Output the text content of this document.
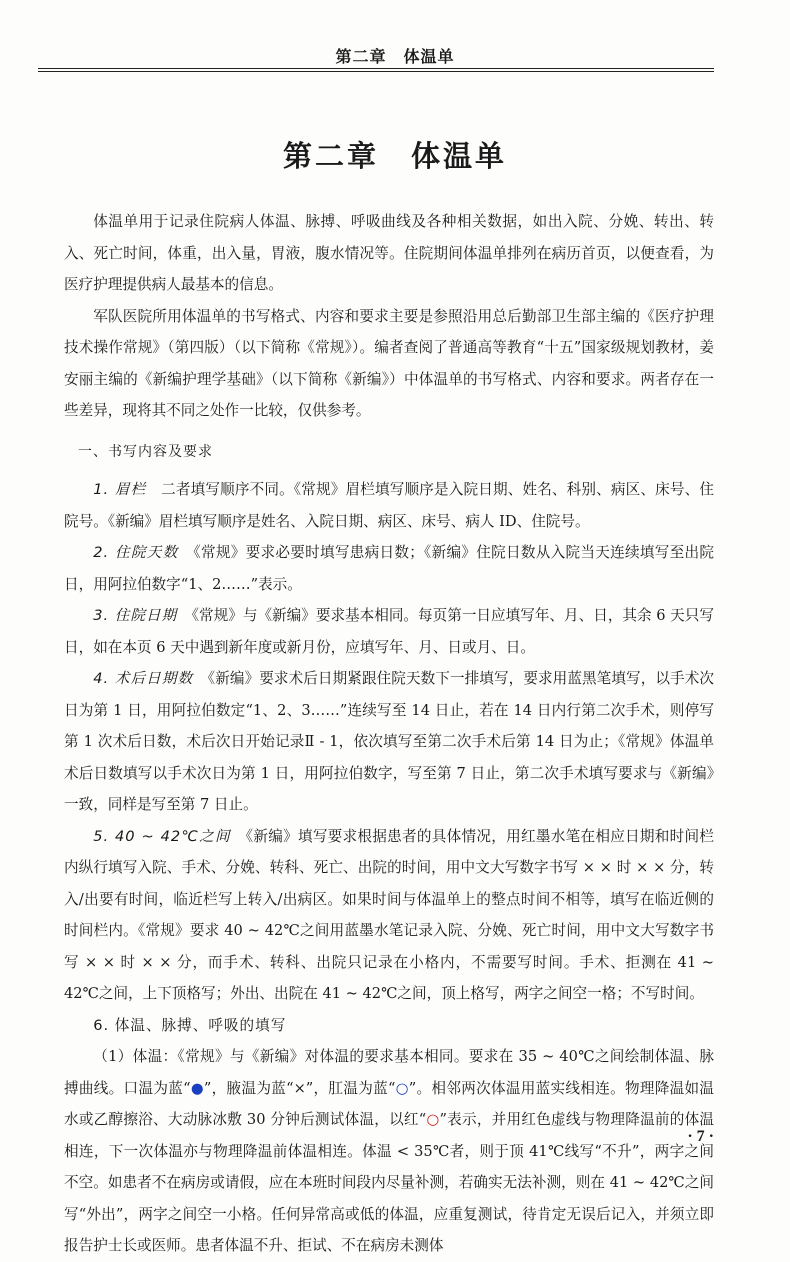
第二章　体温单
第二章　体温单

体温单用于记录住院病人体温、脉搏、呼吸曲线及各种相关数据，如出入院、分娩、转出、转入、死亡时间，体重，出入量，胃液，腹水情况等。住院期间体温单排列在病历首页，以便查看，为医疗护理提供病人最基本的信息。

军队医院所用体温单的书写格式、内容和要求主要是参照沿用总后勤部卫生部主编的《医疗护理技术操作常规》（第四版）（以下简称《常规》）。编者查阅了普通高等教育“十五”国家级规划教材，姜安丽主编的《新编护理学基础》（以下简称《新编》）中体温单的书写格式、内容和要求。两者存在一些差异，现将其不同之处作一比较，仅供参考。

一、书写内容及要求

1. 眉栏　二者填写顺序不同。《常规》眉栏填写顺序是入院日期、姓名、科别、病区、床号、住院号。《新编》眉栏填写顺序是姓名、入院日期、病区、床号、病人 ID、住院号。

2. 住院天数　《常规》要求必要时填写患病日数；《新编》住院日数从入院当天连续填写至出院日，用阿拉伯数字“1、2……”表示。

3. 住院日期　《常规》与《新编》要求基本相同。每页第一日应填写年、月、日，其余 6 天只写日，如在本页 6 天中遇到新年度或新月份，应填写年、月、日或月、日。

4. 术后日期数　《新编》要求术后日期紧跟住院天数下一排填写，要求用蓝黑笔填写，以手术次日为第 1 日，用阿拉伯数定“1、2、3……”连续写至 14 日止，若在 14 日内行第二次手术，则停写第 1 次术后日数，术后次日开始记录Ⅱ - 1，依次填写至第二次手术后第 14 日为止；《常规》体温单术后日数填写以手术次日为第 1 日，用阿拉伯数字，写至第 7 日止，第二次手术填写要求与《新编》一致，同样是写至第 7 日止。

5. 40 ~ 42℃之间　《新编》填写要求根据患者的具体情况，用红墨水笔在相应日期和时间栏内纵行填写入院、手术、分娩、转科、死亡、出院的时间，用中文大写数字书写 × × 时 × × 分，转入/出要有时间，临近栏写上转入/出病区。如果时间与体温单上的整点时间不相等，填写在临近侧的时间栏内。《常规》要求 40 ~ 42℃之间用蓝墨水笔记录入院、分娩、死亡时间，用中文大写数字书写 × × 时 × × 分，而手术、转科、出院只记录在小格内，不需要写时间。手术、拒测在 41 ~ 42℃之间，上下顶格写；外出、出院在 41 ~ 42℃之间，顶上格写，两字之间空一格；不写时间。

6. 体温、脉搏、呼吸的填写

（1）体温：《常规》与《新编》对体温的要求基本相同。要求在 35 ~ 40℃之间绘制体温、脉搏曲线。口温为蓝“●”，腋温为蓝“×”，肛温为蓝“○”。相邻两次体温用蓝实线相连。物理降温如温水或乙醇擦浴、大动脉冰敷 30 分钟后测试体温，以红“○”表示，并用红色虚线与物理降温前的体温相连，下一次体温亦与物理降温前体温相连。体温 < 35℃者，则于顶 41℃线写“不升”，两字之间不空。如患者不在病房或请假，应在本班时间段内尽量补测，若确实无法补测，则在 41 ~ 42℃之间写“外出”，两字之间空一小格。任何异常高或低的体温，应重复测试，待肯定无误后记入，并须立即报告护士长或医师。患者体温不升、拒试、不在病房未测体

· 7 ·
